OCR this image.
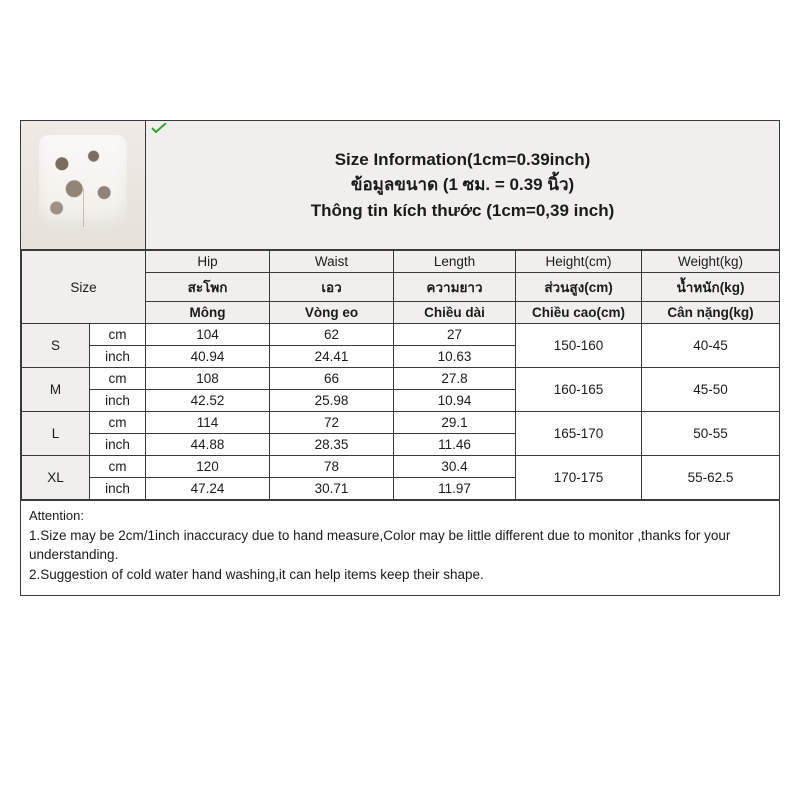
Size Information(1cm=0.39inch)
ข้อมูลขนาด (1 ซม. = 0.39 นิ้ว)
Thông tin kích thước (1cm=0,39 inch)
Size		Hip	Waist	Length	Height(cm)	Weight(kg)
		สะโพก	เอว	ความยาว	ส่วนสูง(cm)	น้ำหนัก(kg)
		Mông	Vòng eo	Chiều dài	Chiều cao(cm)	Cân nặng(kg)
S	cm	104	62	27	150-160	40-45
	inch	40.94	24.41	10.63		
M	cm	108	66	27.8	160-165	45-50
	inch	42.52	25.98	10.94		
L	cm	114	72	29.1	165-170	50-55
	inch	44.88	28.35	11.46		
XL	cm	120	78	30.4	170-175	55-62.5
	inch	47.24	30.71	11.97		
Attention:
1.Size may be 2cm/1inch inaccuracy due to hand measure,Color may be little different due to monitor ,thanks for your understanding.
2.Suggestion of cold water hand washing,it can help items keep their shape.
